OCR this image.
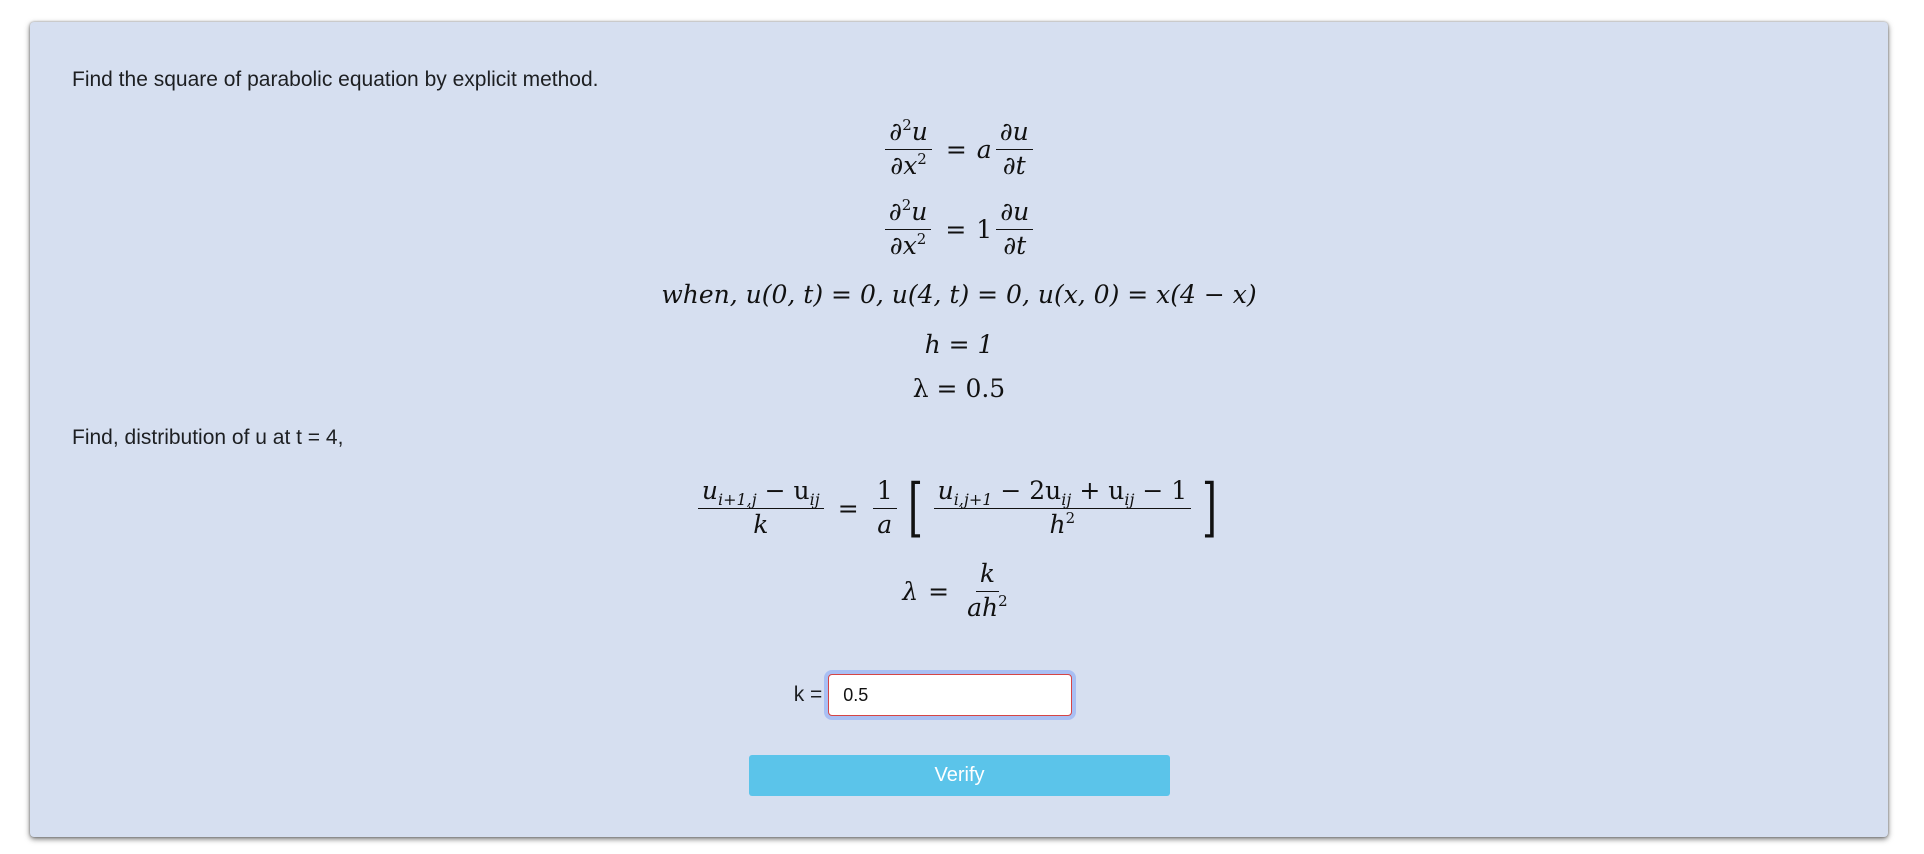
Find the square of parabolic equation by explicit method.
$\frac{\partial^2u}{\partial x^2} = a \frac{\partial u}{\partial t}$
$\frac{\partial^2u}{\partial x^2} = 1 \frac{\partial u}{\partial t}$
when, u(0, t) = 0, u(4, t) = 0, u(x, 0) = x(4 − x)
h = 1
λ = 0.5
Find, distribution of u at t = 4,
$\frac{u_{i+1,j} - u_{ij}}{k} = \frac{1}{a}$ [ $\frac{u_{i,j+1} - 2u_{ij} + u_{ij} - 1}{h^2}$ ]
$\lambda = \frac{k}{ah^2}$
k =
0.5
Verify
